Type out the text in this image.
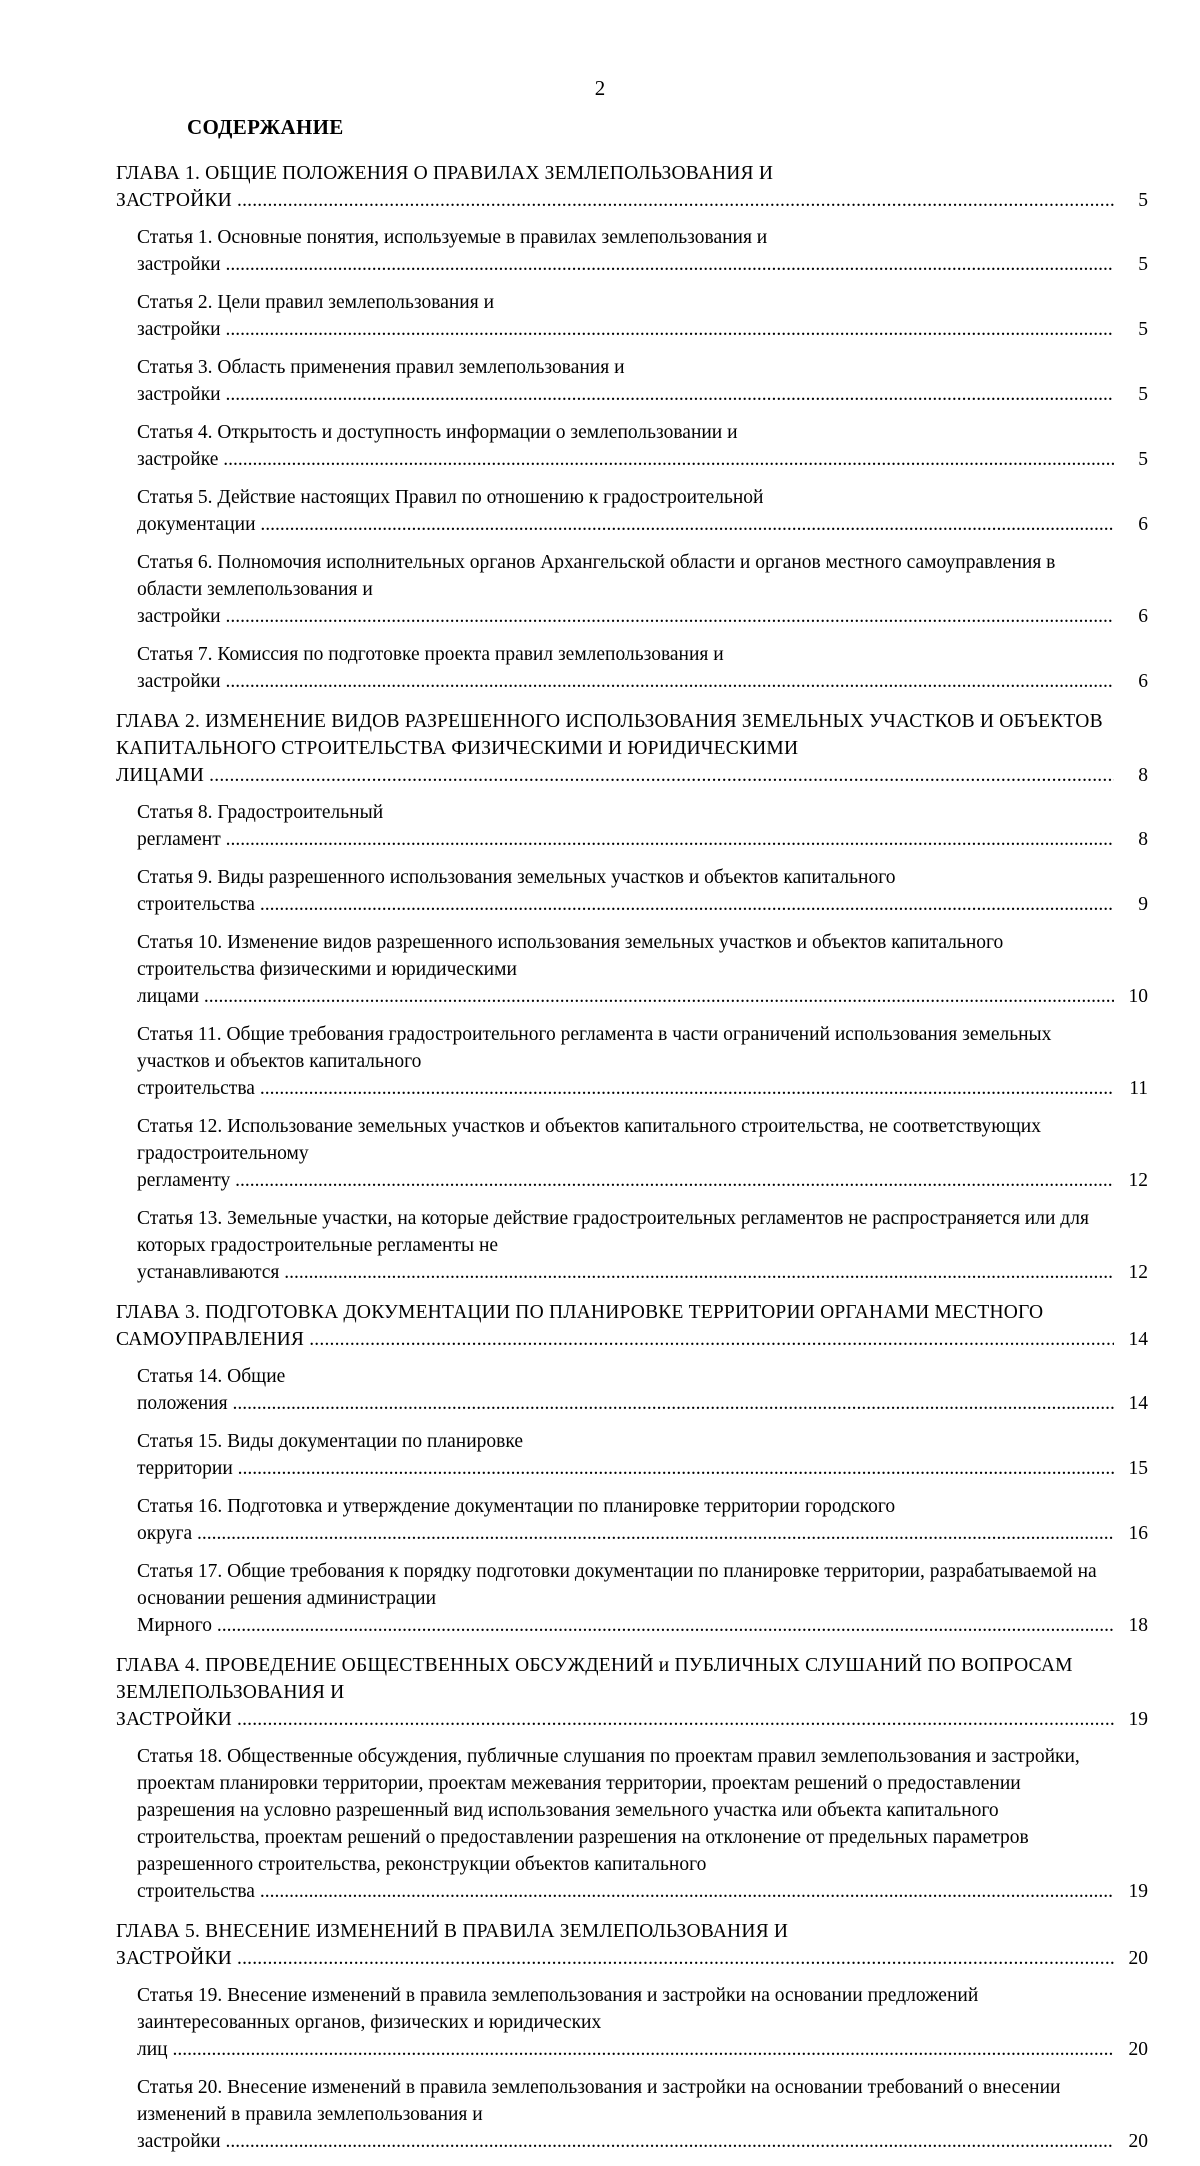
2
СОДЕРЖАНИЕ
ГЛАВА 1. ОБЩИЕ ПОЛОЖЕНИЯ О ПРАВИЛАХ ЗЕМЛЕПОЛЬЗОВАНИЯ И ЗАСТРОЙКИ .....	5
Статья 1. Основные понятия, используемые в правилах землепользования и застройки .....	5
Статья 2. Цели правил землепользования и застройки .....	5
Статья 3. Область применения правил землепользования и застройки .....	5
Статья 4. Открытость и доступность информации о землепользовании и застройке .....	5
Статья 5. Действие настоящих Правил по отношению к градостроительной документации .....	6
Статья 6. Полномочия исполнительных органов Архангельской области и органов местного самоуправления в области землепользования и застройки .....	6
Статья 7. Комиссия по подготовке проекта правил землепользования и застройки .....	6
ГЛАВА 2. ИЗМЕНЕНИЕ ВИДОВ РАЗРЕШЕННОГО ИСПОЛЬЗОВАНИЯ ЗЕМЕЛЬНЫХ УЧАСТКОВ И ОБЪЕКТОВ КАПИТАЛЬНОГО СТРОИТЕЛЬСТВА ФИЗИЧЕСКИМИ И ЮРИДИЧЕСКИМИ ЛИЦАМИ .....	8
Статья 8. Градостроительный регламент .....	8
Статья 9. Виды разрешенного использования земельных участков и объектов капитального строительства .....	9
Статья 10. Изменение видов разрешенного использования земельных участков и объектов капитального строительства физическими и юридическими лицами .....	10
Статья 11. Общие требования градостроительного регламента в части ограничений использования земельных участков и объектов капитального строительства .....	11
Статья 12. Использование земельных участков и объектов капитального строительства, не соответствующих градостроительному регламенту .....	12
Статья 13. Земельные участки, на которые действие градостроительных регламентов не распространяется или для которых градостроительные регламенты не устанавливаются .....	12
ГЛАВА 3. ПОДГОТОВКА ДОКУМЕНТАЦИИ ПО ПЛАНИРОВКЕ ТЕРРИТОРИИ ОРГАНАМИ МЕСТНОГО САМОУПРАВЛЕНИЯ .....	14
Статья 14. Общие положения .....	14
Статья 15. Виды документации по планировке территории .....	15
Статья 16. Подготовка и утверждение документации по планировке территории городского округа .....	16
Статья 17. Общие требования к порядку подготовки документации по планировке территории, разрабатываемой на основании решения администрации Мирного .....	18
ГЛАВА 4. ПРОВЕДЕНИЕ ОБЩЕСТВЕННЫХ ОБСУЖДЕНИЙ и ПУБЛИЧНЫХ СЛУШАНИЙ ПО ВОПРОСАМ ЗЕМЛЕПОЛЬЗОВАНИЯ И ЗАСТРОЙКИ .....	19
Статья 18. Общественные обсуждения, публичные слушания по проектам правил землепользования и застройки, проектам планировки территории, проектам межевания территории, проектам решений о предоставлении разрешения на условно разрешенный вид использования земельного участка или объекта капитального строительства, проектам решений о предоставлении разрешения на отклонение от предельных параметров разрешенного строительства, реконструкции объектов капитального строительства .....	19
ГЛАВА 5. ВНЕСЕНИЕ ИЗМЕНЕНИЙ В ПРАВИЛА ЗЕМЛЕПОЛЬЗОВАНИЯ И ЗАСТРОЙКИ .....	20
Статья 19. Внесение изменений в правила землепользования и застройки на основании предложений заинтересованных органов, физических и юридических лиц .....	20
Статья 20. Внесение изменений в правила землепользования и застройки на основании требований о внесении изменений в правила землепользования и застройки .....	20
